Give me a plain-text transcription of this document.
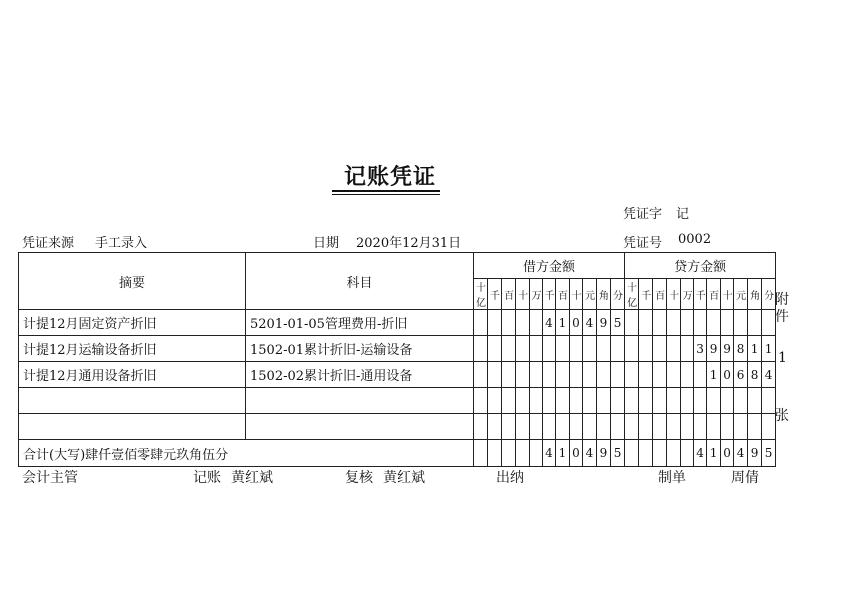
记账凭证
凭证字 记
凭证来源 手工录入	日期 2020年12月31日	凭证号 0002
摘要	科目	借方金额											贷方金额										
		十亿	千	百	十	万	千	百	十	元	角	分	十亿	千	百	十	万	千	百	十	元	角	分
计提12月固定资产折旧	5201-01-05管理费用-折旧						4	1	0	4	9	5											
计提12月运输设备折旧	1502-01累计折旧-运输设备																	3	9	9	8	1	1
计提12月通用设备折旧	1502-02累计折旧-通用设备																		1	0	6	8	4

合计(大写)肆仟壹佰零肆元玖角伍分							4	1	0	4	9	5						4	1	0	4	9	5
附
件
1
张
会计主管	记账 黄红斌	复核 黄红斌	出纳	制单	周倩
